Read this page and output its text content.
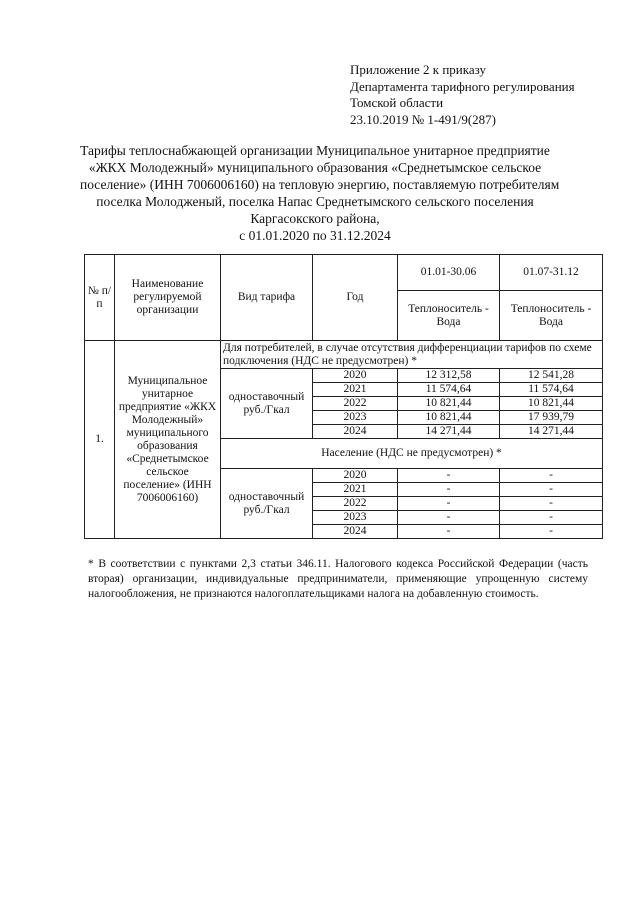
Приложение 2 к приказу
Департамента тарифного регулирования
Томской области
23.10.2019 № 1-491/9(287)
Тарифы теплоснабжающей организации Муниципальное унитарное предприятие
«ЖКХ Молодежный» муниципального образования «Среднетымское сельское
поселение» (ИНН 7006006160) на тепловую энергию, поставляемую потребителям
поселка Молодженый, поселка Напас Среднетымского сельского поселения
Каргасокского района,
с 01.01.2020 по 31.12.2024
№ п/п	Наименование регулируемой организации	Вид тарифа	Год	01.01-30.06	01.07-31.12
				Теплоноситель - Вода	Теплоноситель - Вода
1.	Муниципальное унитарное предприятие «ЖКХ Молодежный» муниципального образования «Среднетымское сельское поселение» (ИНН 7006006160)	Для потребителей, в случае отсутствия дифференциации тарифов по схеме подключения (НДС не предусмотрен) *			
		одноставочный руб./Гкал	2020	12 312,58	12 541,28
			2021	11 574,64	11 574,64
			2022	10 821,44	10 821,44
			2023	10 821,44	17 939,79
			2024	14 271,44	14 271,44
		Население (НДС не предусмотрен) *			
		одноставочный руб./Гкал	2020	-	-
			2021	-	-
			2022	-	-
			2023	-	-
			2024	-	-
* В соответствии с пунктами 2,3 статьи 346.11. Налогового кодекса Российской Федерации (часть вторая) организации, индивидуальные предприниматели, применяющие упрощенную систему налогообложения, не признаются налогоплательщиками налога на добавленную стоимость.
